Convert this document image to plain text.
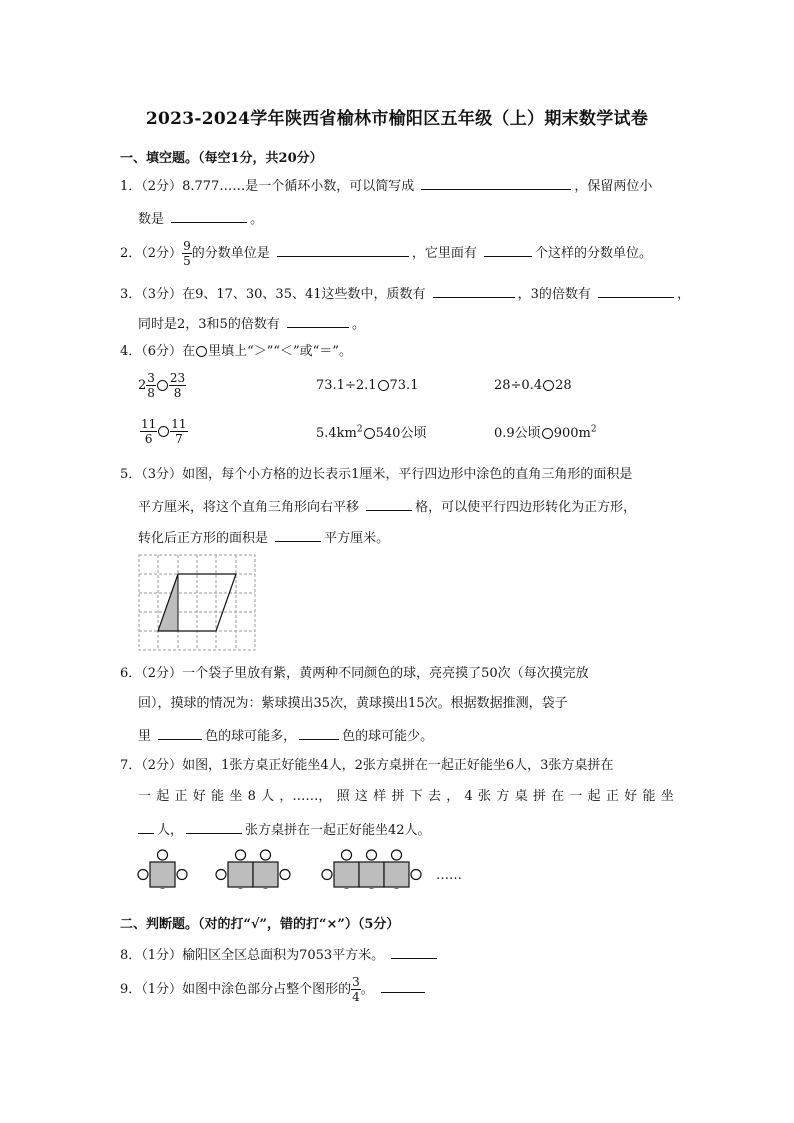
2023-2024学年陕西省榆林市榆阳区五年级（上）期末数学试卷
一、填空题。（每空1分，共20分）
1．（2分）8.777……是一个循环小数，可以简写成	，保留两位小
数是	。
2．（2分） $\frac{9}{5}$ 的分数单位是	，它里面有	个这样的分数单位。
3．（3分）在9、17、30、35、41这些数中，质数有	，3的倍数有	，
同时是2，3和5的倍数有	。
4．（6分）在 里填上“＞”“＜”或“＝”。
$2 \frac{3}{8} \frac{23}{8}$	73.1÷2.1 73.1	28÷0.4 28
$\frac{11}{6} \frac{11}{7}$	$5.4km^2$ 540公顷	0.9公顷 $900m^2$
5．（3分）如图，每个小方格的边长表示1厘米，平行四边形中涂色的直角三角形的面积是
平方厘米，将这个直角三角形向右平移	格，可以使平行四边形转化为正方形，
转化后正方形的面积是	平方厘米。
6．（2分）一个袋子里放有紫，黄两种不同颜色的球，亮亮摸了50次（每次摸完放
回），摸球的情况为：紫球摸出35次，黄球摸出15次。根据数据推测，袋子
里	色的球可能多，	色的球可能少。
7．（2分）如图，1张方桌正好能坐4人，2张方桌拼在一起正好能坐6人，3张方桌拼在
一 起 正 好 能 坐 8 人 ，……， 照 这 样 拼 下 去 ， 4 张 方 桌 拼 在 一 起 正 好 能 坐
人，	张方桌拼在一起正好能坐42人。
……
二、判断题。（对的打“√”，错的打“×”）（5分）
8．（1分）榆阳区全区总面积为7053平方米。
9．（1分）如图中涂色部分占整个图形的 $\frac{3}{4}$ 。
